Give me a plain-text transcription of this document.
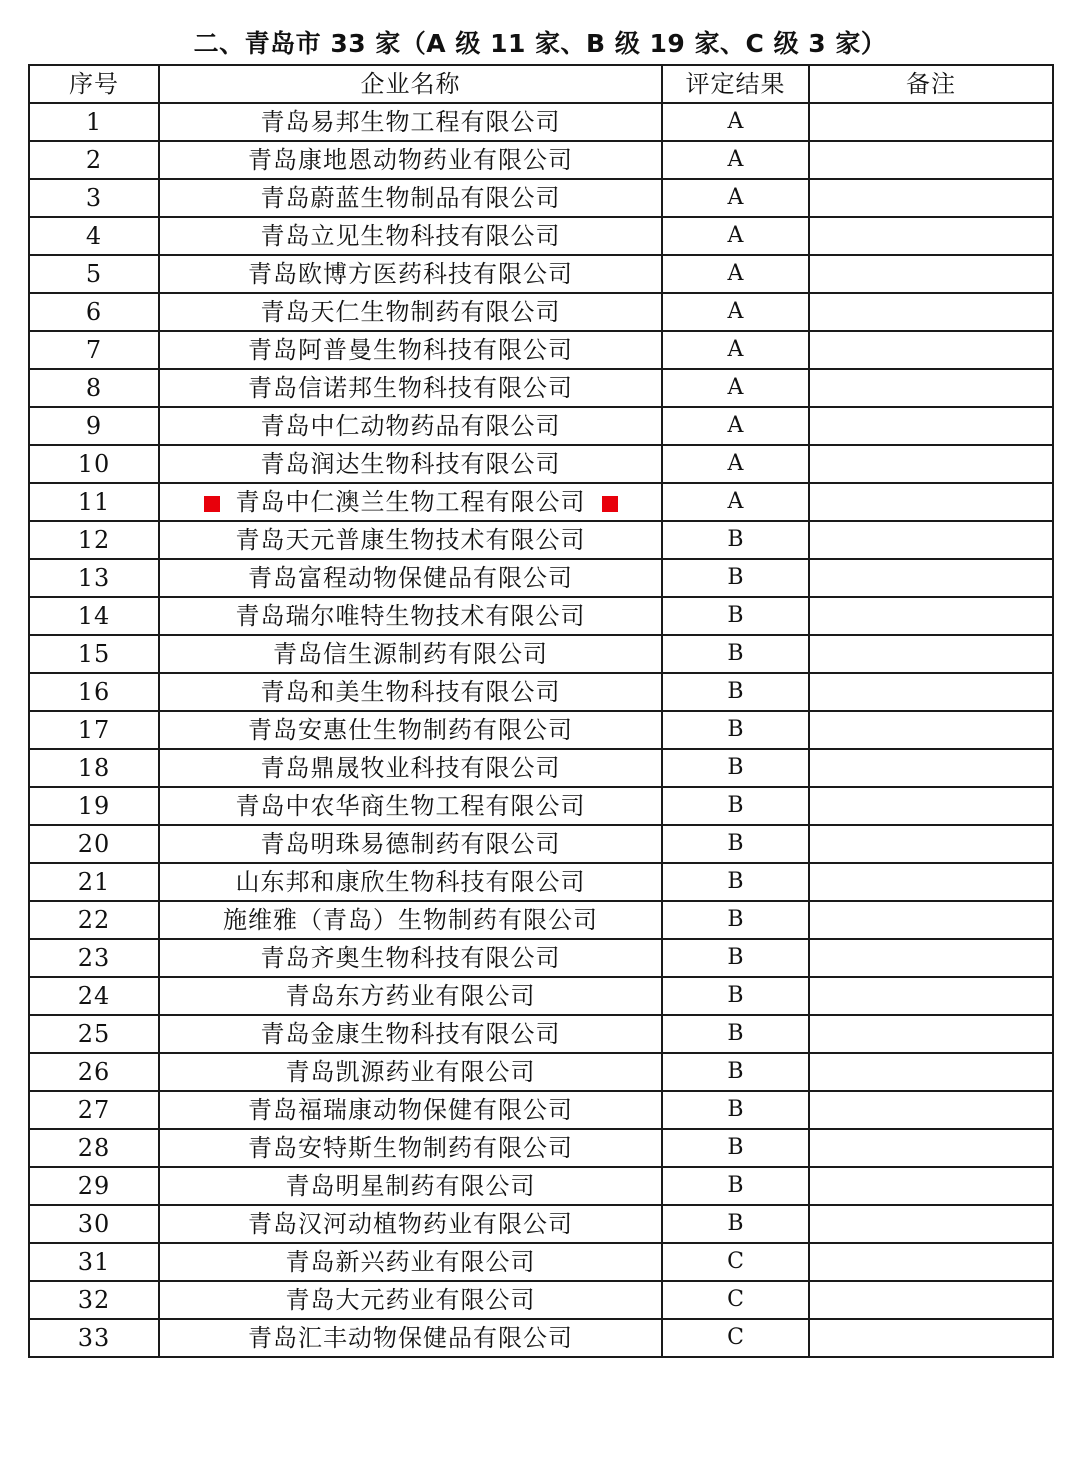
二、青岛市 33 家（A 级 11 家、B 级 19 家、C 级 3 家）
序号	企业名称	评定结果	备注
1	青岛易邦生物工程有限公司	A	
2	青岛康地恩动物药业有限公司	A	
3	青岛蔚蓝生物制品有限公司	A	
4	青岛立见生物科技有限公司	A	
5	青岛欧博方医药科技有限公司	A	
6	青岛天仁生物制药有限公司	A	
7	青岛阿普曼生物科技有限公司	A	
8	青岛信诺邦生物科技有限公司	A	
9	青岛中仁动物药品有限公司	A	
10	青岛润达生物科技有限公司	A	
11	青岛中仁澳兰生物工程有限公司	A	
12	青岛天元普康生物技术有限公司	B	
13	青岛富程动物保健品有限公司	B	
14	青岛瑞尔唯特生物技术有限公司	B	
15	青岛信生源制药有限公司	B	
16	青岛和美生物科技有限公司	B	
17	青岛安惠仕生物制药有限公司	B	
18	青岛鼎晟牧业科技有限公司	B	
19	青岛中农华商生物工程有限公司	B	
20	青岛明珠易德制药有限公司	B	
21	山东邦和康欣生物科技有限公司	B	
22	施维雅（青岛）生物制药有限公司	B	
23	青岛齐奥生物科技有限公司	B	
24	青岛东方药业有限公司	B	
25	青岛金康生物科技有限公司	B	
26	青岛凯源药业有限公司	B	
27	青岛福瑞康动物保健有限公司	B	
28	青岛安特斯生物制药有限公司	B	
29	青岛明星制药有限公司	B	
30	青岛汉河动植物药业有限公司	B	
31	青岛新兴药业有限公司	C	
32	青岛大元药业有限公司	C	
33	青岛汇丰动物保健品有限公司	C	
